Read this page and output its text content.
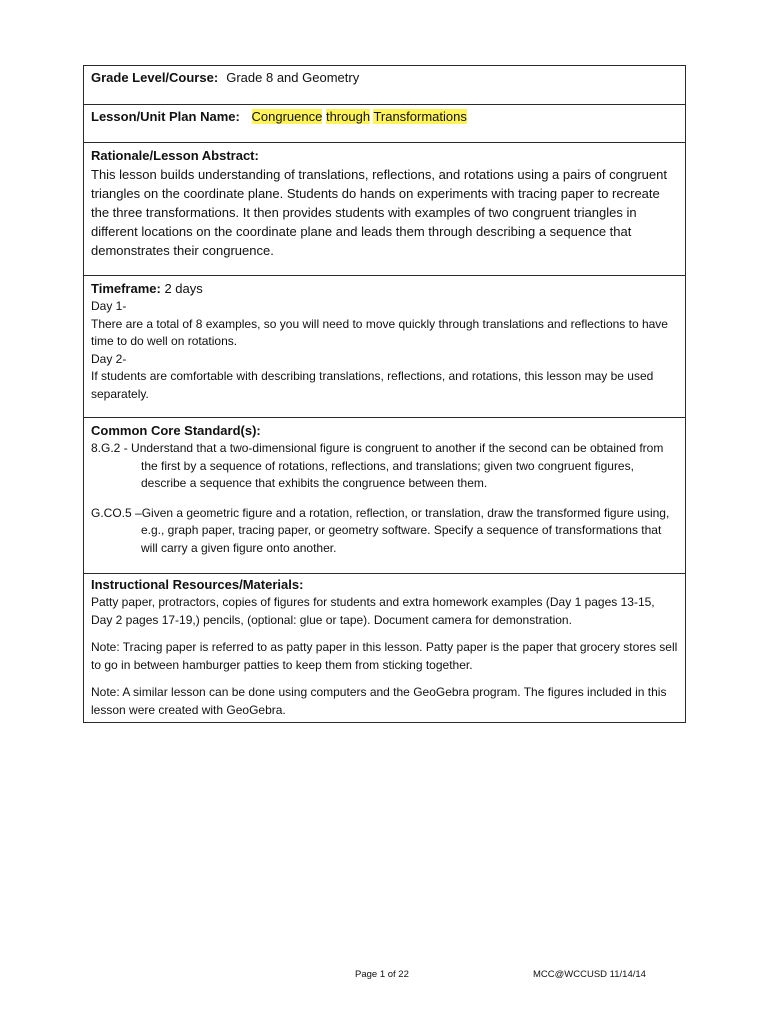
Grade Level/Course: Grade 8 and Geometry
Lesson/Unit Plan Name: Congruence through Transformations
Rationale/Lesson Abstract:
This lesson builds understanding of translations, reflections, and rotations using a pairs of congruent triangles on the coordinate plane. Students do hands on experiments with tracing paper to recreate the three transformations. It then provides students with examples of two congruent triangles in different locations on the coordinate plane and leads them through describing a sequence that demonstrates their congruence.
Timeframe: 2 days
Day 1-
There are a total of 8 examples, so you will need to move quickly through translations and reflections to have time to do well on rotations.
Day 2-
If students are comfortable with describing translations, reflections, and rotations, this lesson may be used separately.
Common Core Standard(s):
8.G.2 - Understand that a two-dimensional figure is congruent to another if the second can be obtained from the first by a sequence of rotations, reflections, and translations; given two congruent figures, describe a sequence that exhibits the congruence between them.
G.CO.5 –Given a geometric figure and a rotation, reflection, or translation, draw the transformed figure using, e.g., graph paper, tracing paper, or geometry software. Specify a sequence of transformations that will carry a given figure onto another.
Instructional Resources/Materials:
Patty paper, protractors, copies of figures for students and extra homework examples (Day 1 pages 13-15, Day 2 pages 17-19,) pencils, (optional: glue or tape). Document camera for demonstration.
Note: Tracing paper is referred to as patty paper in this lesson. Patty paper is the paper that grocery stores sell to go in between hamburger patties to keep them from sticking together.
Note: A similar lesson can be done using computers and the GeoGebra program. The figures included in this lesson were created with GeoGebra.
Page 1 of 22	MCC@WCCUSD 11/14/14
